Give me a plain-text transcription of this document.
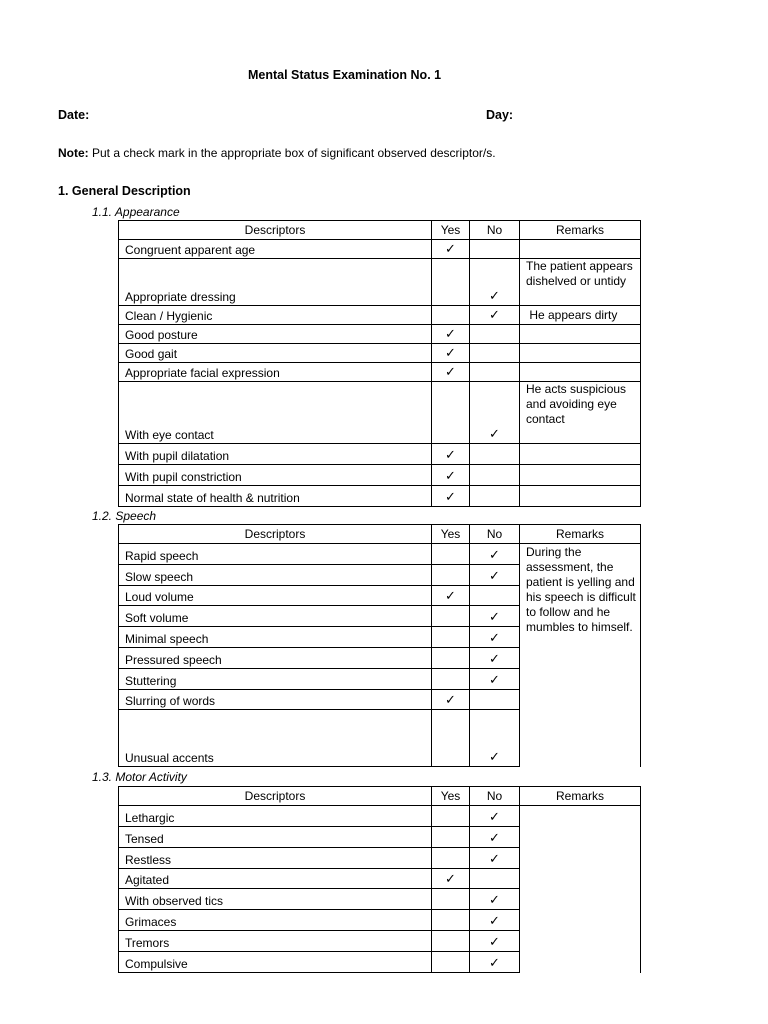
Mental Status Examination No. 1
Date:	Day:
Note: Put a check mark in the appropriate box of significant observed descriptor/s.
1. General Description
1.1. Appearance
Descriptors	Yes	No	Remarks
Congruent apparent age	✓		
Appropriate dressing		✓	The patient appears dishelved or untidy
Clean / Hygienic		✓	He appears dirty
Good posture	✓		
Good gait	✓		
Appropriate facial expression	✓		
With eye contact		✓	He acts suspicious and avoiding eye contact
With pupil dilatation	✓		
With pupil constriction	✓		
Normal state of health & nutrition	✓		
1.2. Speech
Descriptors	Yes	No	Remarks
Rapid speech		✓	During the assessment, the patient is yelling and his speech is difficult to follow and he mumbles to himself.
Slow speech		✓	
Loud volume	✓		
Soft volume		✓	
Minimal speech		✓	
Pressured speech		✓	
Stuttering		✓	
Slurring of words	✓		
Unusual accents		✓	
1.3. Motor Activity
Descriptors	Yes	No	Remarks
Lethargic		✓	
Tensed		✓	
Restless		✓	
Agitated	✓		
With observed tics		✓	
Grimaces		✓	
Tremors		✓	
Compulsive		✓	
